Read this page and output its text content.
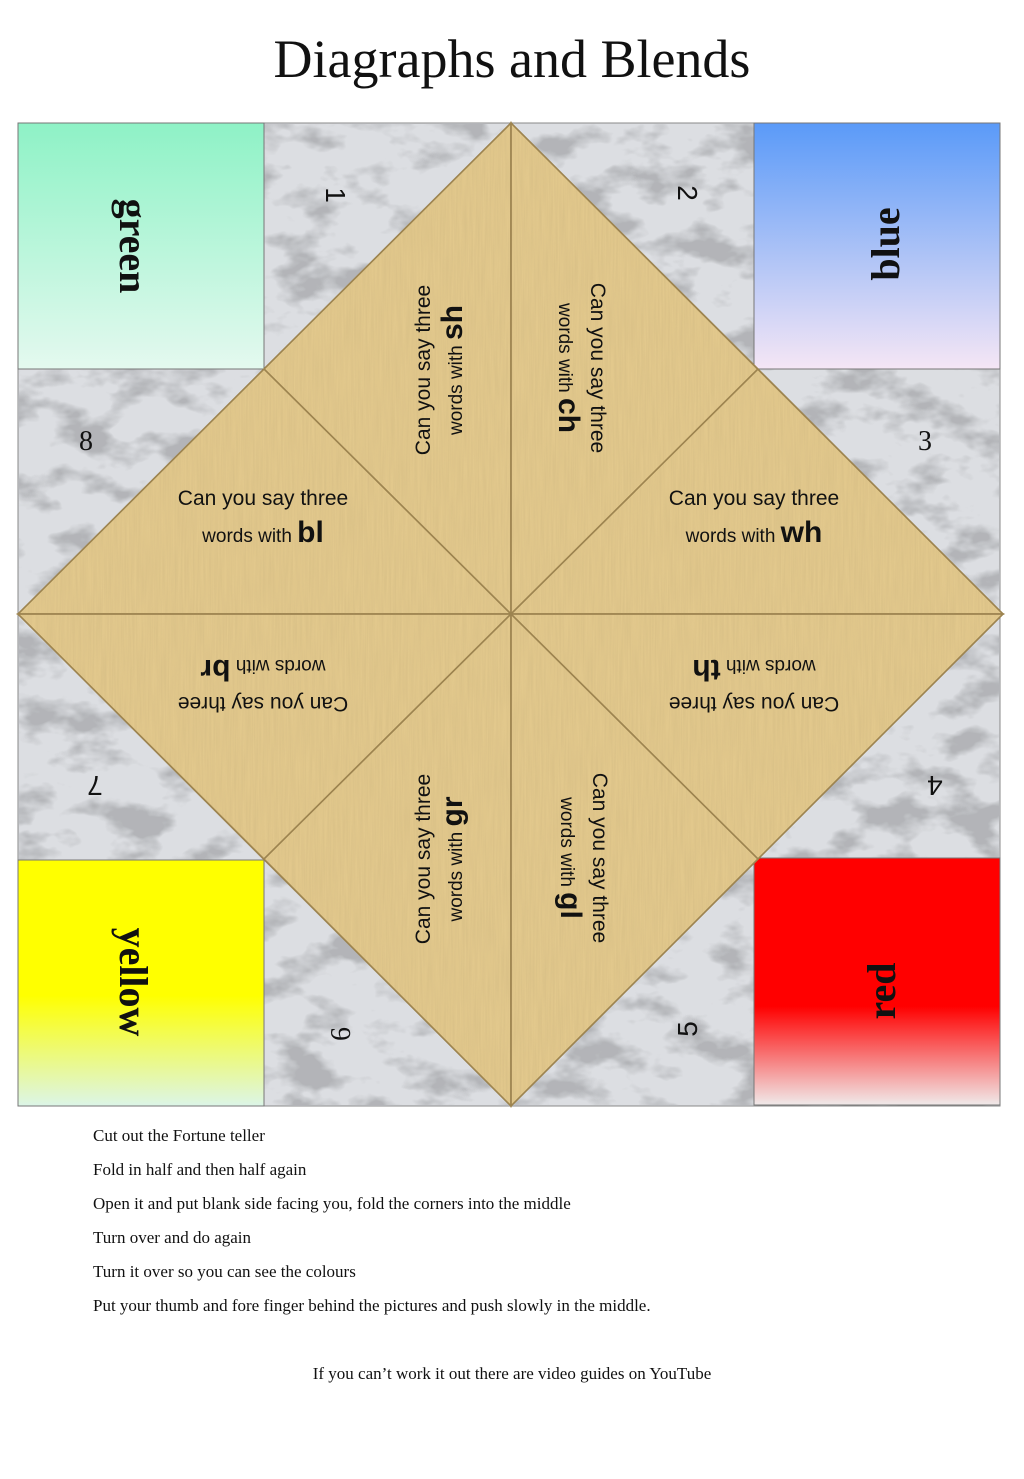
Diagraphs and Blends
green	blue
yellow	red
1	2
3
4
5
6
7
8	Can you say three words with sh	Can you say three
words with ch
Can you say three
words with bl
Can you say three
words with wh
Can you say three
words with br
Can you say three
words with th
Can you say three words with gr	Can you say three
words with gl
Cut out the Fortune teller
Fold in half and then half again
Open it and put blank side facing you, fold the corners into the middle
Turn over and do again
Turn it over so you can see the colours
Put your thumb and fore finger behind the pictures and push slowly in the middle.
If you can’t work it out there are video guides on YouTube
